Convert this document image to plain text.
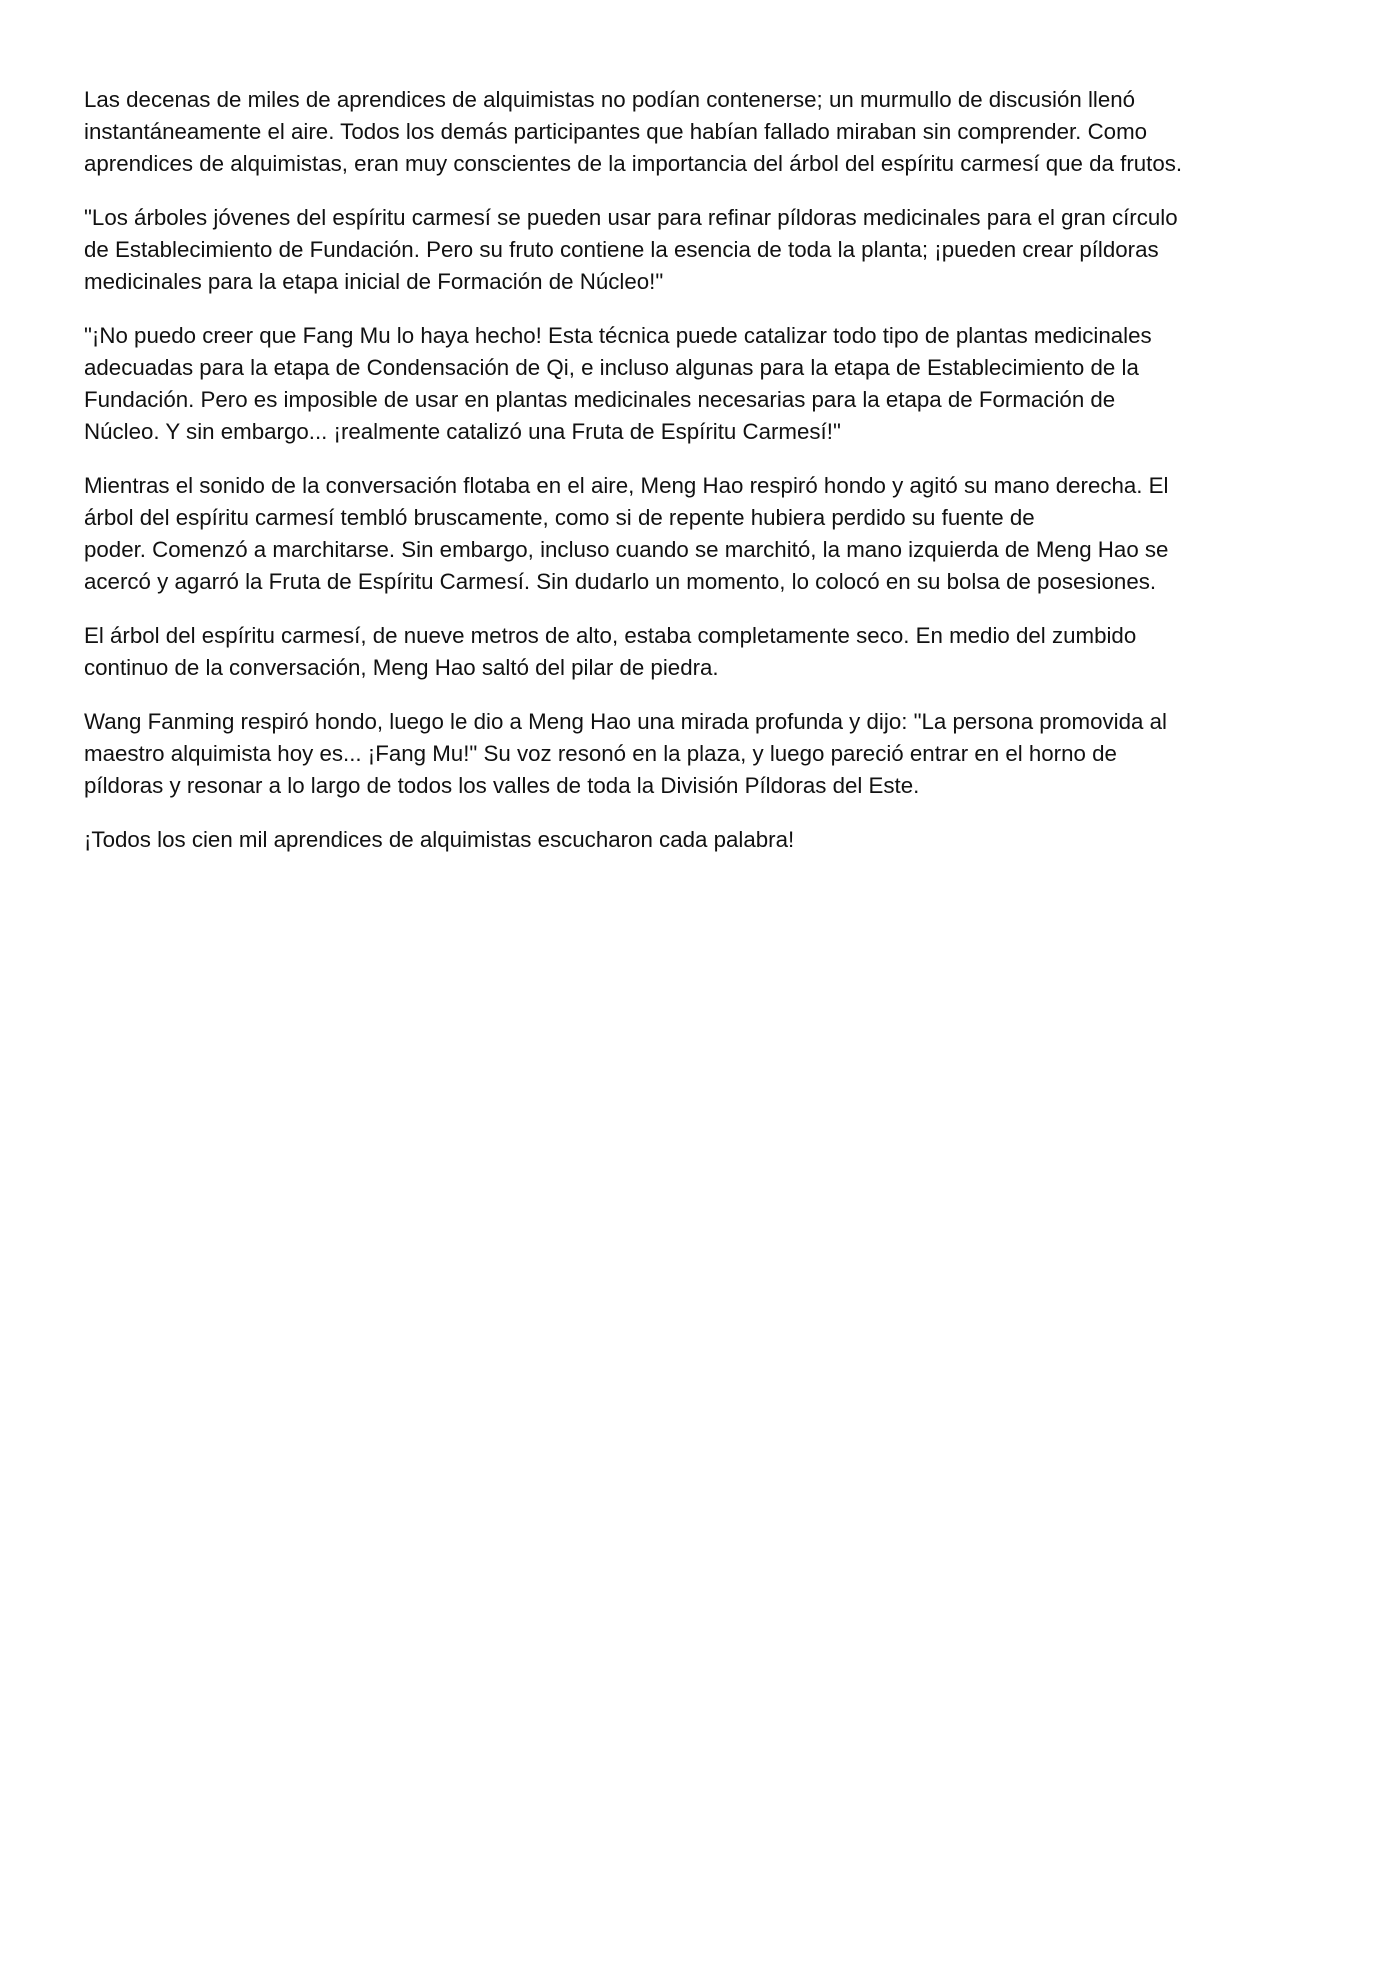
Las decenas de miles de aprendices de alquimistas no podían contenerse; un murmullo de discusión llenó
instantáneamente el aire. Todos los demás participantes que habían fallado miraban sin comprender. Como
aprendices de alquimistas, eran muy conscientes de la importancia del árbol del espíritu carmesí que da frutos.

"Los árboles jóvenes del espíritu carmesí se pueden usar para refinar píldoras medicinales para el gran círculo
de Establecimiento de Fundación. Pero su fruto contiene la esencia de toda la planta; ¡pueden crear píldoras
medicinales para la etapa inicial de Formación de Núcleo!"

"¡No puedo creer que Fang Mu lo haya hecho! Esta técnica puede catalizar todo tipo de plantas medicinales
adecuadas para la etapa de Condensación de Qi, e incluso algunas para la etapa de Establecimiento de la
Fundación. Pero es imposible de usar en plantas medicinales necesarias para la etapa de Formación de
Núcleo. Y sin embargo... ¡realmente catalizó una Fruta de Espíritu Carmesí!"

Mientras el sonido de la conversación flotaba en el aire, Meng Hao respiró hondo y agitó su mano derecha. El
árbol del espíritu carmesí tembló bruscamente, como si de repente hubiera perdido su fuente de
poder. Comenzó a marchitarse. Sin embargo, incluso cuando se marchitó, la mano izquierda de Meng Hao se
acercó y agarró la Fruta de Espíritu Carmesí. Sin dudarlo un momento, lo colocó en su bolsa de posesiones.

El árbol del espíritu carmesí, de nueve metros de alto, estaba completamente seco. En medio del zumbido
continuo de la conversación, Meng Hao saltó del pilar de piedra.

Wang Fanming respiró hondo, luego le dio a Meng Hao una mirada profunda y dijo: "La persona promovida al
maestro alquimista hoy es... ¡Fang Mu!" Su voz resonó en la plaza, y luego pareció entrar en el horno de
píldoras y resonar a lo largo de todos los valles de toda la División Píldoras del Este.

¡Todos los cien mil aprendices de alquimistas escucharon cada palabra!
